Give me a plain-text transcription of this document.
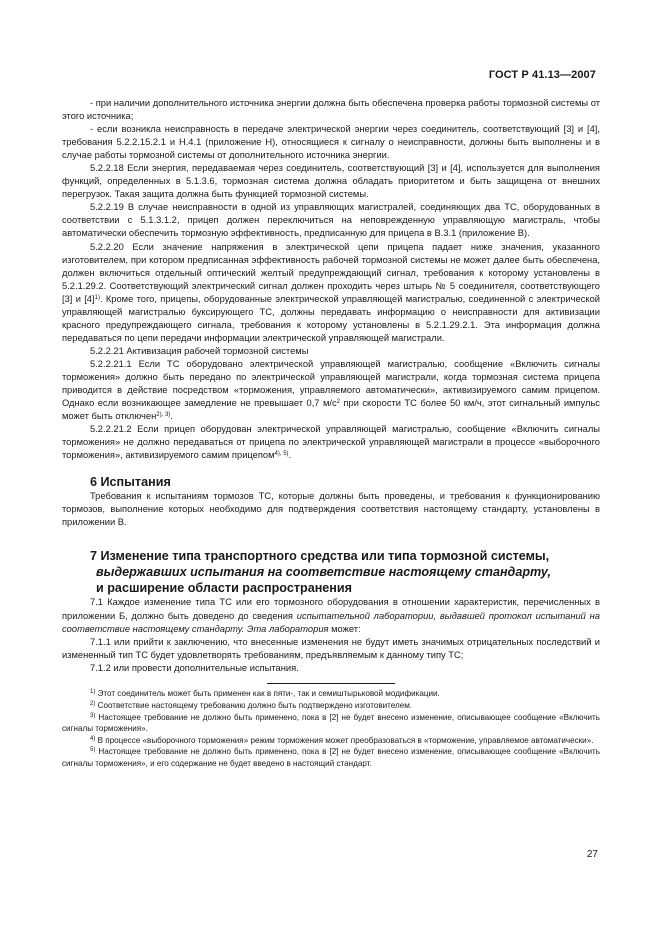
ГОСТ Р 41.13—2007

- при наличии дополнительного источника энергии должна быть обеспечена проверка работы тормозной системы от этого источника;

- если возникла неисправность в передаче электрической энергии через соединитель, соответствующий [3] и [4], требования 5.2.2.15.2.1 и Н.4.1 (приложение Н), относящиеся к сигналу о неисправности, должны быть выполнены и в случае работы тормозной системы от дополнительного источника энергии.

5.2.2.18 Если энергия, передаваемая через соединитель, соответствующий [3] и [4], используется для выполнения функций, определенных в 5.1.3.6, тормозная система должна обладать приоритетом и быть защищена от внешних перегрузок. Такая защита должна быть функцией тормозной системы.

5.2.2.19 В случае неисправности в одной из управляющих магистралей, соединяющих два ТС, оборудованных в соответствии с 5.1.3.1.2, прицеп должен переключиться на неповрежденную управляющую магистраль, чтобы автоматически обеспечить тормозную эффективность, предписанную для прицепа в В.3.1 (приложение В).

5.2.2.20 Если значение напряжения в электрической цепи прицепа падает ниже значения, указанного изготовителем, при котором предписанная эффективность рабочей тормозной системы не может далее быть обеспечена, должен включиться отдельный оптический желтый предупреждающий сигнал, требования к которому установлены в 5.2.1.29.2. Соответствующий электрический сигнал должен проходить через штырь № 5 соединителя, соответствующего [3] и $[4]^{1)}$. Кроме того, прицепы, оборудованные электрической управляющей магистралью, соединенной с электрической управляющей магистралью буксирующего ТС, должны передавать информацию о неисправности для активизации красного предупреждающего сигнала, требования к которому установлены в 5.2.1.29.2.1. Эта информация должна передаваться по цепи передачи информации электрической управляющей магистрали.

5.2.2.21 Активизация рабочей тормозной системы

5.2.2.21.1 Если ТС оборудовано электрической управляющей магистралью, сообщение «Включить сигналы торможения» должно быть передано по электрической управляющей магистрали, когда тормозная система прицепа приводится в действие посредством «торможения, управляемого автоматически», активизируемого самим прицепом. Однако если возникающее замедление не превышает 0,7 $м/с^2$ при скорости ТС более 50 км/ч, этот сигнальный импульс может быть отключен$^{2), 3)}$.

5.2.2.21.2 Если прицеп оборудован электрической управляющей магистралью, сообщение «Включить сигналы торможения» не должно передаваться от прицепа по электрической управляющей магистрали в процессе «выборочного торможения», активизируемого самим прицепом$^{4), 5)}$.

6 Испытания

Требования к испытаниям тормозов ТС, которые должны быть проведены, и требования к функционированию тормозов, выполнение которых необходимо для подтверждения соответствия настоящему стандарту, установлены в приложении В.

7 Изменение типа транспортного средства или типа тормозной системы,
выдержавших испытания на соответствие настоящему стандарту,
и расширение области распространения

7.1 Каждое изменение типа ТС или его тормозного оборудования в отношении характеристик, перечисленных в приложении Б, должно быть доведено до сведения испытательной лаборатории, выдавшей протокол испытаний на соответствие настоящему стандарту. Эта лаборатория может:

7.1.1 или прийти к заключению, что внесенные изменения не будут иметь значимых отрицательных последствий и измененный тип ТС будет удовлетворять требованиям, предъявляемым к данному типу ТС;

7.1.2 или провести дополнительные испытания.

$^{1)}$ Этот соединитель может быть применен как в пяти-, так и семиштырьковой модификации.

$^{2)}$ Соответствие настоящему требованию должно быть подтверждено изготовителем.

$^{3)}$ Настоящее требование не должно быть применено, пока в [2] не будет внесено изменение, описывающее сообщение «Включить сигналы торможения».

$^{4)}$ В процессе «выборочного торможения» режим торможения может преобразоваться в «торможение, управляемое автоматически».

$^{5)}$ Настоящее требование не должно быть применено, пока в [2] не будет внесено изменение, описывающее сообщение «Включить сигналы торможения», и его содержание не будет введено в настоящий стандарт.

27
